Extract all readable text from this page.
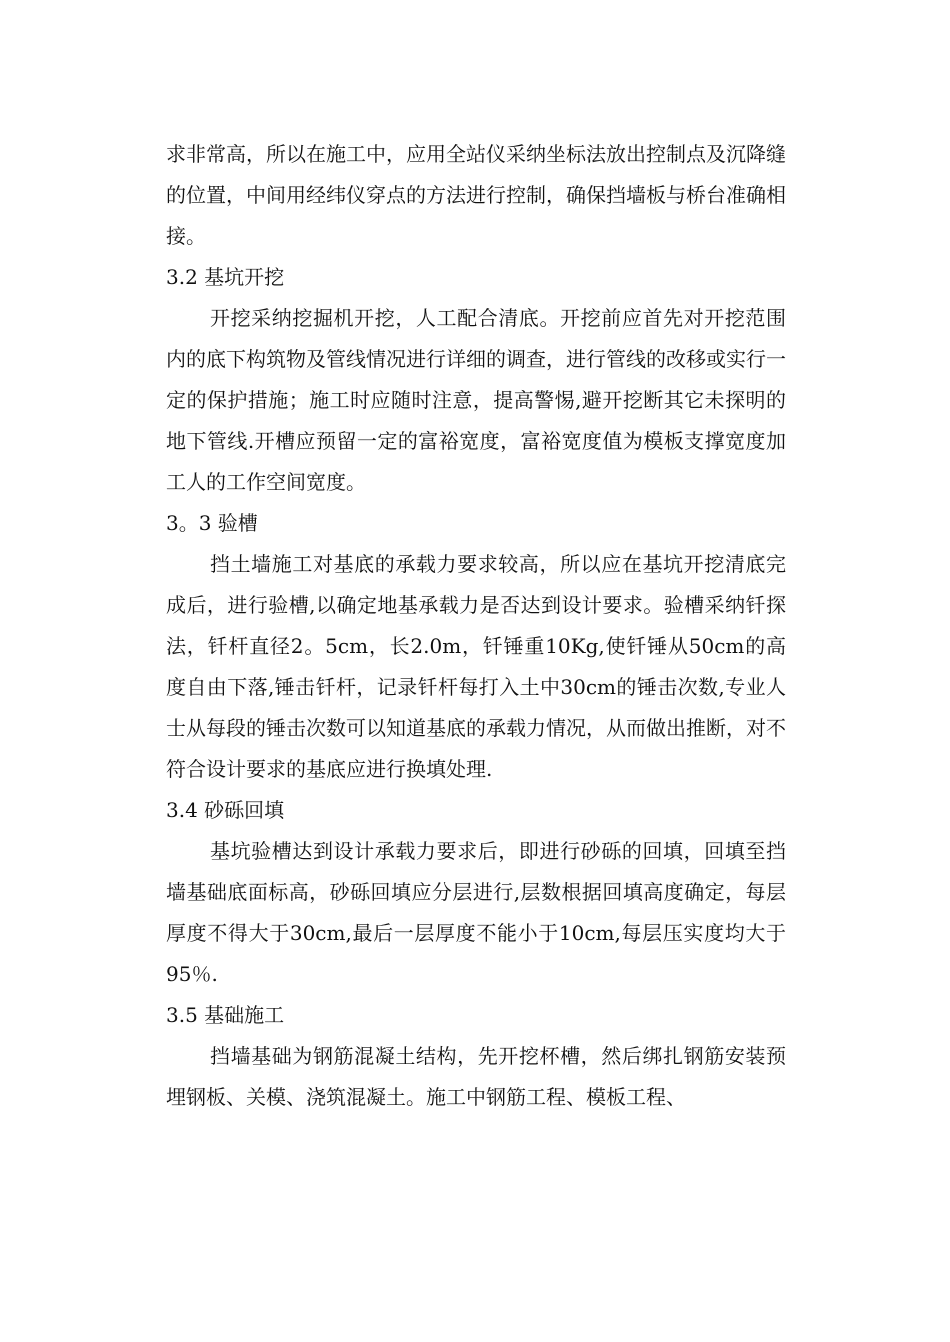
求非常高，所以在施工中，应用全站仪采纳坐标法放出控制点及沉降缝的位置，中间用经纬仪穿点的方法进行控制，确保挡墙板与桥台准确相接。

3.2 基坑开挖

开挖采纳挖掘机开挖，人工配合清底。开挖前应首先对开挖范围内的底下构筑物及管线情况进行详细的调查，进行管线的改移或实行一定的保护措施；施工时应随时注意，提高警惕,避开挖断其它未探明的地下管线.开槽应预留一定的富裕宽度，富裕宽度值为模板支撑宽度加工人的工作空间宽度。

3。3 验槽

挡土墙施工对基底的承载力要求较高，所以应在基坑开挖清底完成后，进行验槽,以确定地基承载力是否达到设计要求。验槽采纳钎探法，钎杆直径2。5cm，长2.0m，钎锤重10Kg,使钎锤从50cm的高度自由下落,锤击钎杆，记录钎杆每打入土中30cm的锤击次数,专业人士从每段的锤击次数可以知道基底的承载力情况，从而做出推断，对不符合设计要求的基底应进行换填处理.

3.4 砂砾回填

基坑验槽达到设计承载力要求后，即进行砂砾的回填，回填至挡墙基础底面标高，砂砾回填应分层进行,层数根据回填高度确定，每层厚度不得大于30cm,最后一层厚度不能小于10cm,每层压实度均大于95％.

3.5 基础施工

挡墙基础为钢筋混凝土结构，先开挖杯槽，然后绑扎钢筋安装预埋钢板、关模、浇筑混凝土。施工中钢筋工程、模板工程、
